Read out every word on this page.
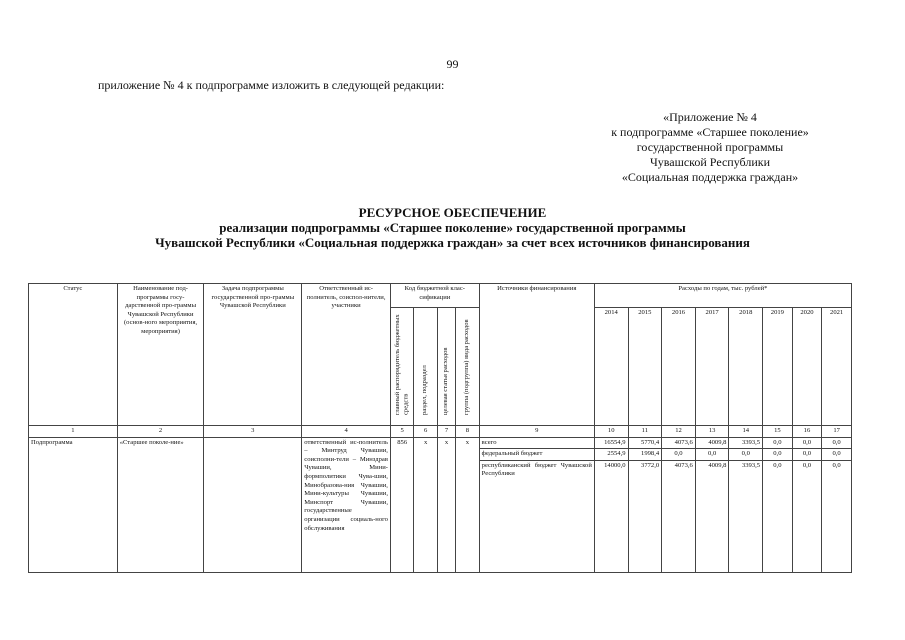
99
приложение № 4 к подпрограмме изложить в следующей редакции:
«Приложение № 4
к подпрограмме «Старшее поколение»
государственной программы
Чувашской Республики
«Социальная поддержка граждан»
РЕСУРСНОЕ ОБЕСПЕЧЕНИЕ
реализации подпрограммы «Старшее поколение» государственной программы
Чувашской Республики «Социальная поддержка граждан» за счет всех источников финансирования
Статус	Наименование под-программы госу-дарственной про-граммы Чувашской Республики (основ-ного мероприятия, мероприятия)	Задача подпрограммы государственной про-граммы Чувашской Республики	Ответственный ис-полнитель, соиспол-нители, участники	Код бюджетной клас-сификации				Источники финансирования	Расходы по годам, тыс. рублей*							
				главный распорядитель бюджетных средств	раздел, подраздел	целевая статья расходов	группа (подгруппа) вида расходов		2014	2015	2016	2017	2018	2019	2020	2021
1	2	3	4	5	6	7	8	9	10	11	12	13	14	15	16	17
Подпрограмма	«Старшее поколе-ние»		ответственный ис-полнитель – Минтруд Чувашии, соисполни-тели – Минздрав Чувашии, Мини-формполитики Чува-шии, Минобразова-ния Чувашии, Мини-культуры Чувашии, Минспорт Чувашии, государственные организации социаль-ного обслуживания	856	x	x	x	всего	16554,9	5770,4	4073,6	4009,8	3393,5	0,0	0,0	0,0
								федеральный бюджет	2554,9	1998,4	0,0	0,0	0,0	0,0	0,0	0,0
								республиканский бюджет Чувашской Республики	14000,0	3772,0	4073,6	4009,8	3393,5	0,0	0,0	0,0
